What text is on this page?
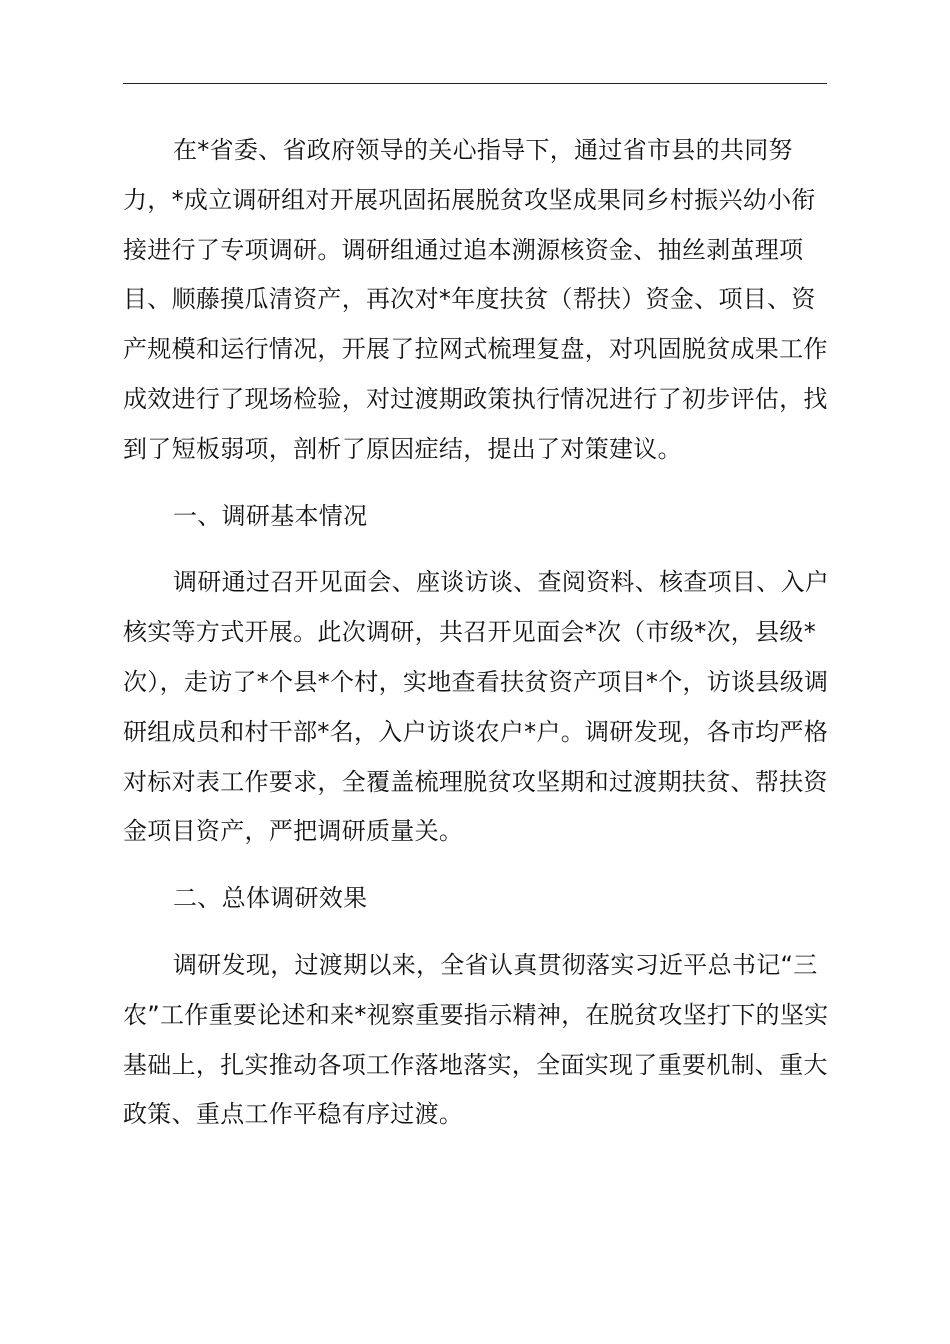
在*省委、省政府领导的关心指导下，通过省市县的共同努力，*成立调研组对开展巩固拓展脱贫攻坚成果同乡村振兴幼小衔接进行了专项调研。调研组通过追本溯源核资金、抽丝剥茧理项目、顺藤摸瓜清资产，再次对*年度扶贫（帮扶）资金、项目、资产规模和运行情况，开展了拉网式梳理复盘，对巩固脱贫成果工作成效进行了现场检验，对过渡期政策执行情况进行了初步评估，找到了短板弱项，剖析了原因症结，提出了对策建议。

一、调研基本情况

调研通过召开见面会、座谈访谈、查阅资料、核查项目、入户核实等方式开展。此次调研，共召开见面会*次（市级*次，县级*次），走访了*个县*个村，实地查看扶贫资产项目*个，访谈县级调研组成员和村干部*名，入户访谈农户*户。调研发现，各市均严格对标对表工作要求，全覆盖梳理脱贫攻坚期和过渡期扶贫、帮扶资金项目资产，严把调研质量关。

二、总体调研效果

调研发现，过渡期以来，全省认真贯彻落实习近平总书记“三农”工作重要论述和来*视察重要指示精神，在脱贫攻坚打下的坚实基础上，扎实推动各项工作落地落实，全面实现了重要机制、重大政策、重点工作平稳有序过渡。
